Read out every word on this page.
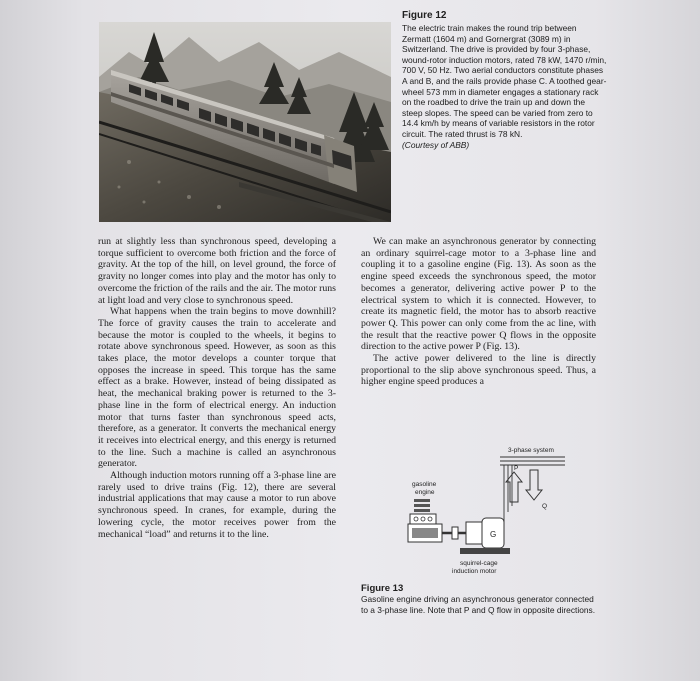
Figure 12
The electric train makes the round trip between Zermatt (1604 m) and Gornergrat (3089 m) in Switzerland. The drive is provided by four 3-phase, wound-rotor induction motors, rated 78 kW, 1470 r/min, 700 V, 50 Hz. Two aerial conductors constitute phases A and B, and the rails provide phase C. A toothed gear-wheel 573 mm in diameter engages a stationary rack on the roadbed to drive the train up and down the steep slopes. The speed can be varied from zero to 14.4 km/h by means of variable resistors in the rotor circuit. The rated thrust is 78 kN.
(Courtesy of ABB)

run at slightly less than synchronous speed, developing a torque sufficient to overcome both friction and the force of gravity. At the top of the hill, on level ground, the force of gravity no longer comes into play and the motor has only to overcome the friction of the rails and the air. The motor runs at light load and very close to synchronous speed.

What happens when the train begins to move downhill? The force of gravity causes the train to accelerate and because the motor is coupled to the wheels, it begins to rotate above synchronous speed. However, as soon as this takes place, the motor develops a counter torque that opposes the increase in speed. This torque has the same effect as a brake. However, instead of being dissipated as heat, the mechanical braking power is returned to the 3-phase line in the form of electrical energy. An induction motor that turns faster than synchronous speed acts, therefore, as a generator. It converts the mechanical energy it receives into electrical energy, and this energy is returned to the line. Such a machine is called an asynchronous generator.

Although induction motors running off a 3-phase line are rarely used to drive trains (Fig. 12), there are several industrial applications that may cause a motor to run above synchronous speed. In cranes, for example, during the lowering cycle, the motor receives power from the mechanical “load” and returns it to the line.

We can make an asynchronous generator by connecting an ordinary squirrel-cage motor to a 3-phase line and coupling it to a gasoline engine (Fig. 13). As soon as the engine speed exceeds the synchronous speed, the motor becomes a generator, delivering active power P to the electrical system to which it is connected. However, to create its magnetic field, the motor has to absorb reactive power Q. This power can only come from the ac line, with the result that the reactive power Q flows in the opposite direction to the active power P (Fig. 13).

The active power delivered to the line is directly proportional to the slip above synchronous speed. Thus, a higher engine speed produces a

3-phase system
P
Q
gasoline
engine
G
squirrel-cage
induction motor
Figure 13
Gasoline engine driving an asynchronous generator connected to a 3-phase line. Note that P and Q flow in opposite directions.
